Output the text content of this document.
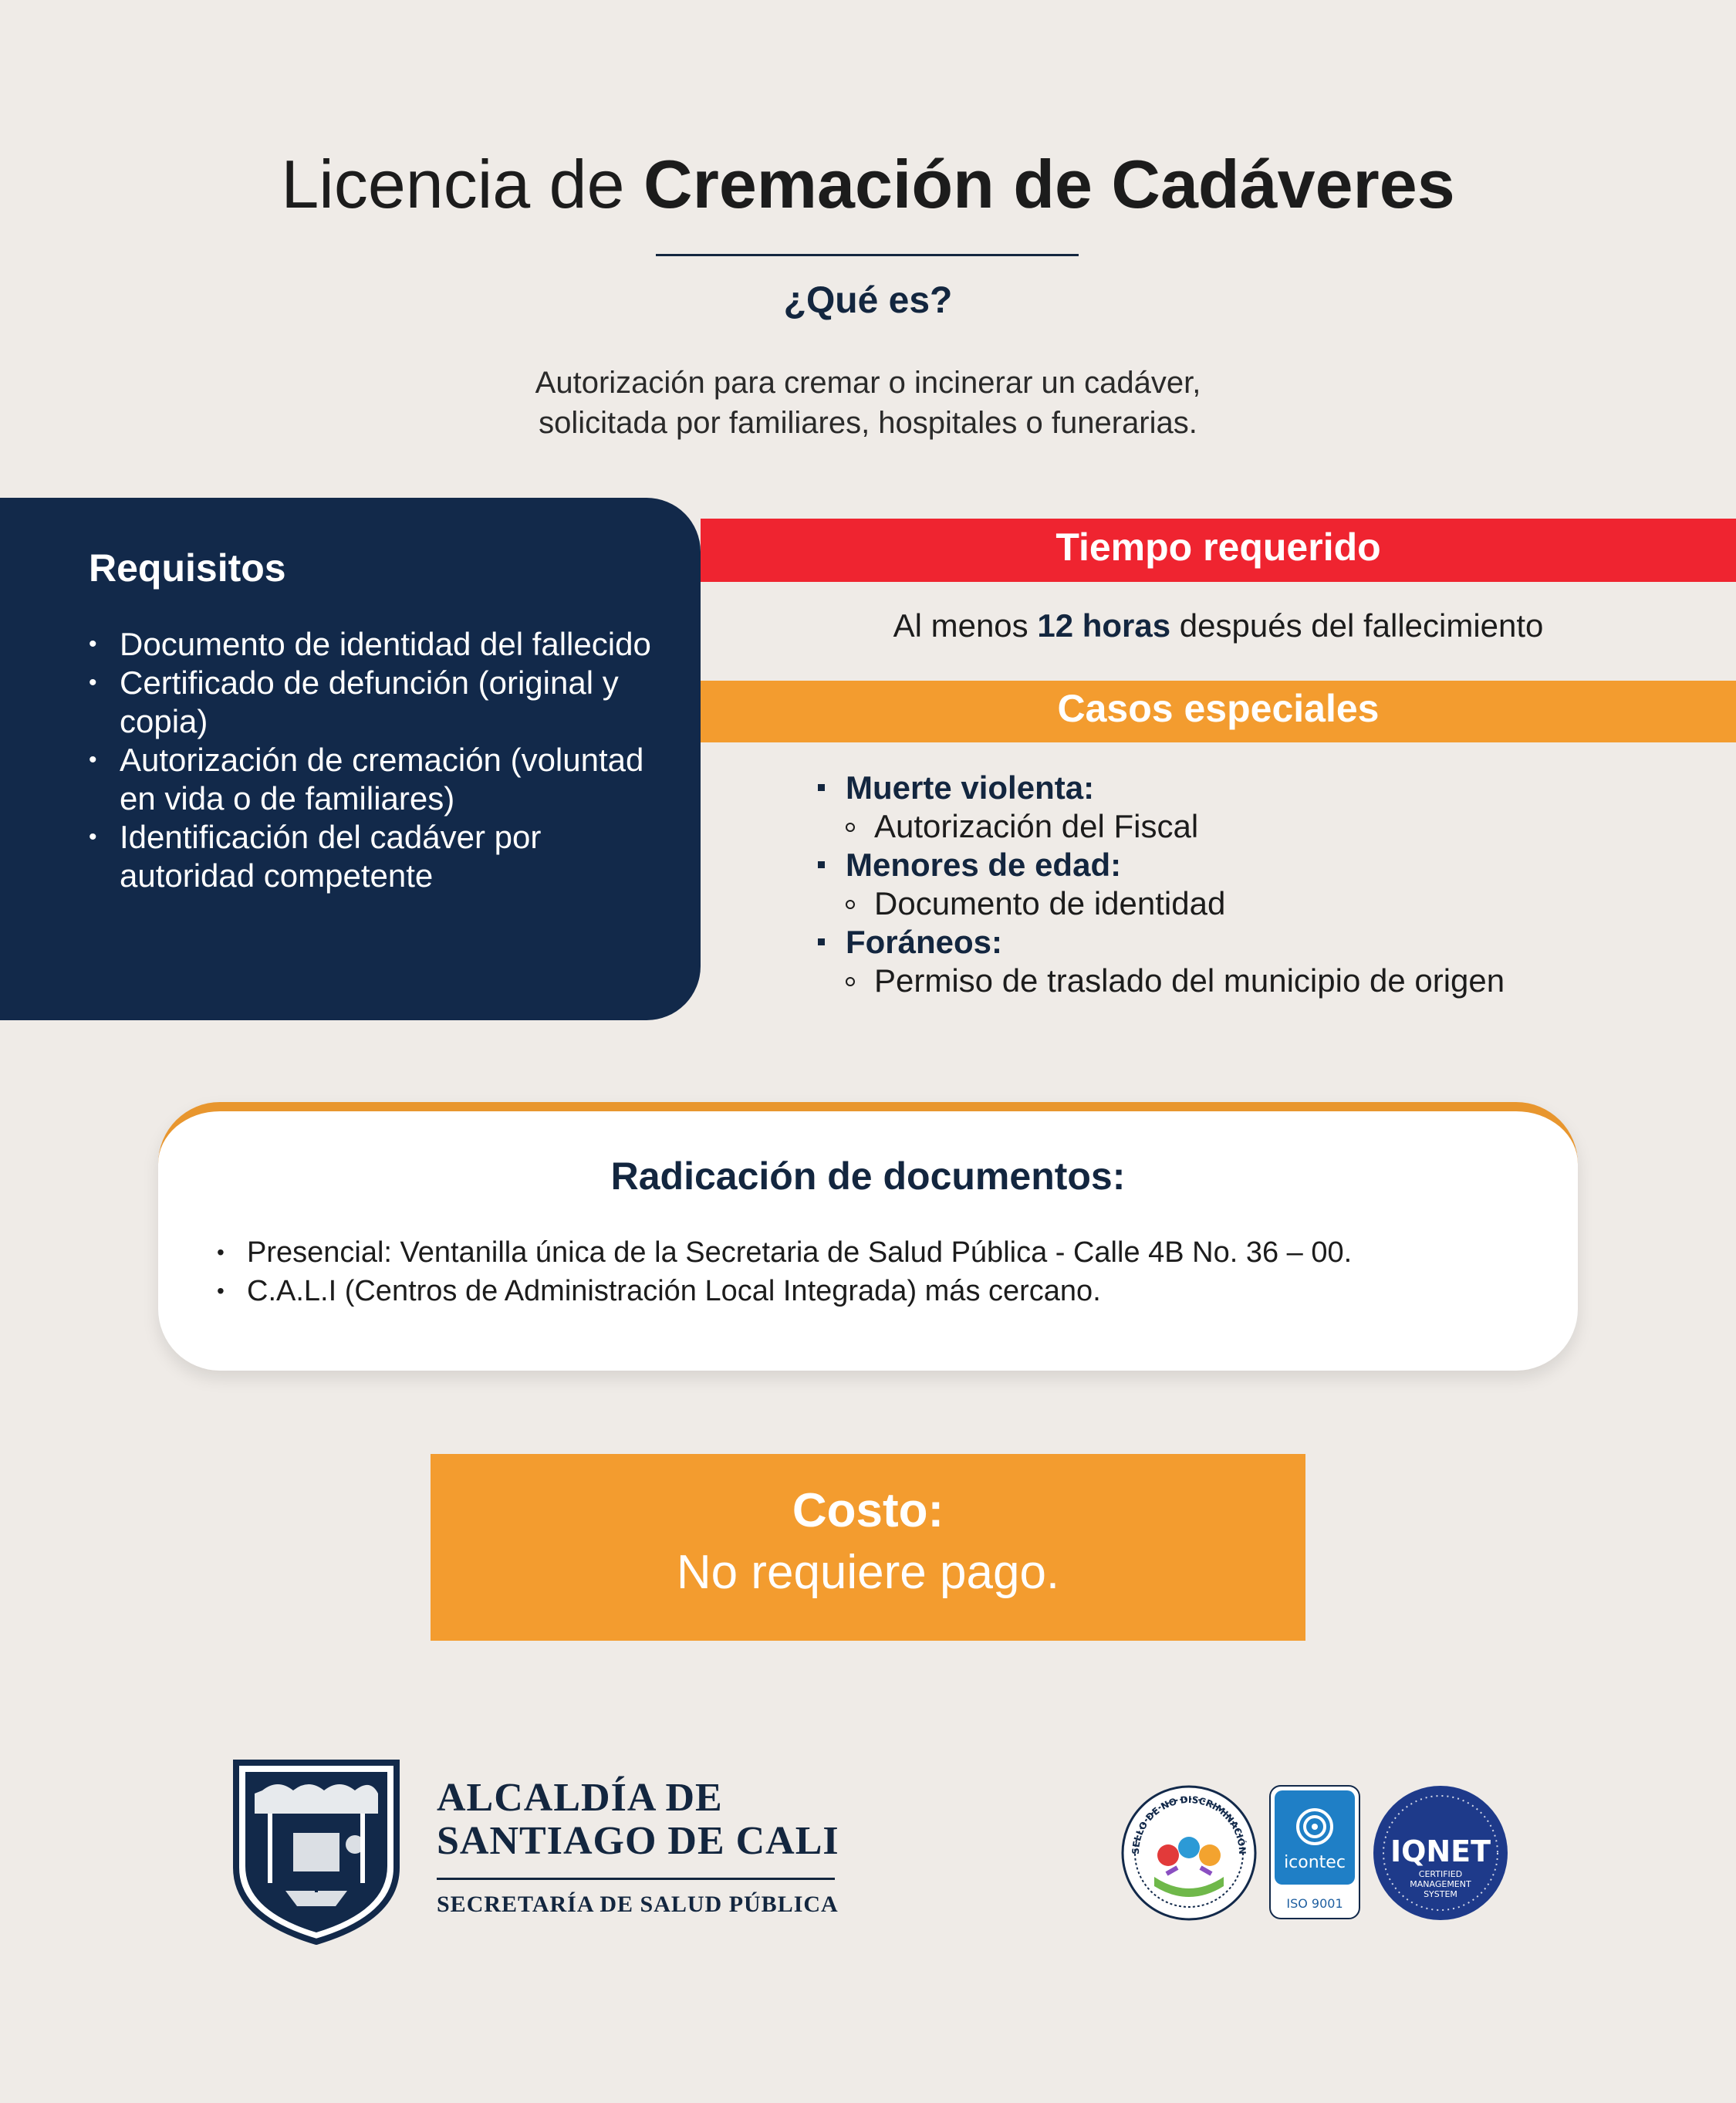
Licencia de Cremación de Cadáveres
¿Qué es?
Autorización para cremar o incinerar un cadáver,
solicitada por familiares, hospitales o funerarias.
Requisitos
• Documento de identidad del fallecido
• Certificado de defunción (original y copia)
• Autorización de cremación (voluntad en vida o de familiares)
• Identificación del cadáver por autoridad competente
Tiempo requerido
Al menos 12 horas después del fallecimiento
Casos especiales
Muerte violenta:
Autorización del Fiscal
Menores de edad:
Documento de identidad
Foráneos:
Permiso de traslado del municipio de origen
Radicación de documentos:
• Presencial: Ventanilla única de la Secretaria de Salud Pública - Calle 4B No. 36 – 00.
• C.A.L.I (Centros de Administración Local Integrada) más cercano.
Costo:
No requiere pago.
ALCALDÍA DE
SANTIAGO DE CALI
SECRETARÍA DE SALUD PÚBLICA
SELLO DE NO DISCRIMINACIÓN
icontec
ISO 9001
IQNET
CERTIFIED
MANAGEMENT
SYSTEM
